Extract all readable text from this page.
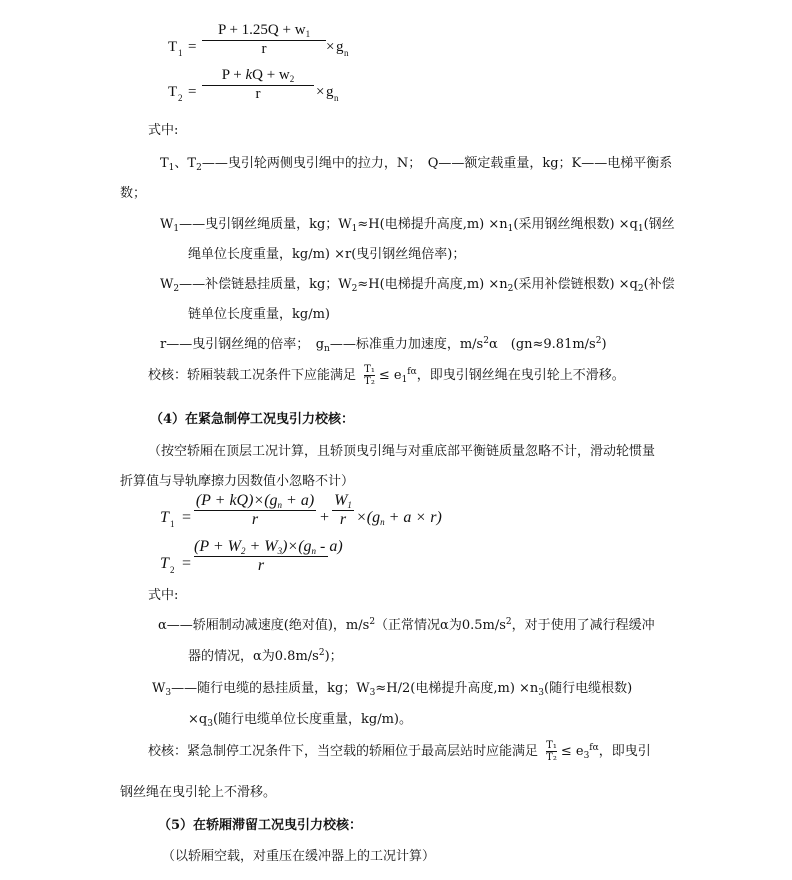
T 1 =
$P + 1.25Q + w_1$
r	× g n
T 2 =
P + kQ + $w_2$
r	× g n
式中:
$T_1$、$T_2——$曳引轮两侧曳引绳中的拉力，N；　Q——额定载重量，kg；K——电梯平衡系
数；
$W_1——$曳引钢丝绳质量，kg；$W_1\approx H$(电梯提升高度$,m) \times n_1$(采用钢丝绳根数) $\times q_1$(钢丝
绳单位长度重量，kg/m) ×r(曳引钢丝绳倍率)；
$W_2——$补偿链悬挂质量，kg；$W_2\approx H$(电梯提升高度$,m) \times n_2$(采用补偿链根数) $\times q_2$(补偿
链单位长度重量，kg/m)
r——曳引钢丝绳的倍率；　$g_n——$标准重力加速度，$m/s^2\alpha$　$(gn\approx 9.81m/s^2)$
校核：轿厢装载工况条件下应能满足 $\frac{\text{T₁}}{\text{T₂}} \le e_1^{f\alpha}$，即曳引钢丝绳在曳引轮上不滑移。
（4）在紧急制停工况曳引力校核：
（按空轿厢在顶层工况计算，且轿顶曳引绳与对重底部平衡链质量忽略不计，滑动轮惯量
折算值与导轨摩擦力因数值小忽略不计）
T 1 =
$(P + kQ)\times(g_n + a)$
r	+
$W_1$
$r \times(g_n + a \times r)$
T 2 =
$(P + W_2 + W_3)\times(g_n - a)$
r
式中:
α——轿厢制动减速度(绝对值)，$m/s^2$（正常情况α为$0.5m/s^2$，对于使用了减行程缓冲
器的情况，α为$0.8m/s^2$)；
$W_3——$随行电缆的悬挂质量，kg；$W_3\approx H/2$(电梯提升高度$,m) \times n_3$(随行电缆根数)
$\times q_3$(随行电缆单位长度重量，kg/m)。
校核：紧急制停工况条件下，当空载的轿厢位于最高层站时应能满足 $\frac{\text{T₁}}{\text{T₂}} \le e_3^{f\alpha}$，即曳引
钢丝绳在曳引轮上不滑移。
（5）在轿厢滞留工况曳引力校核：
（以轿厢空载，对重压在缓冲器上的工况计算）
